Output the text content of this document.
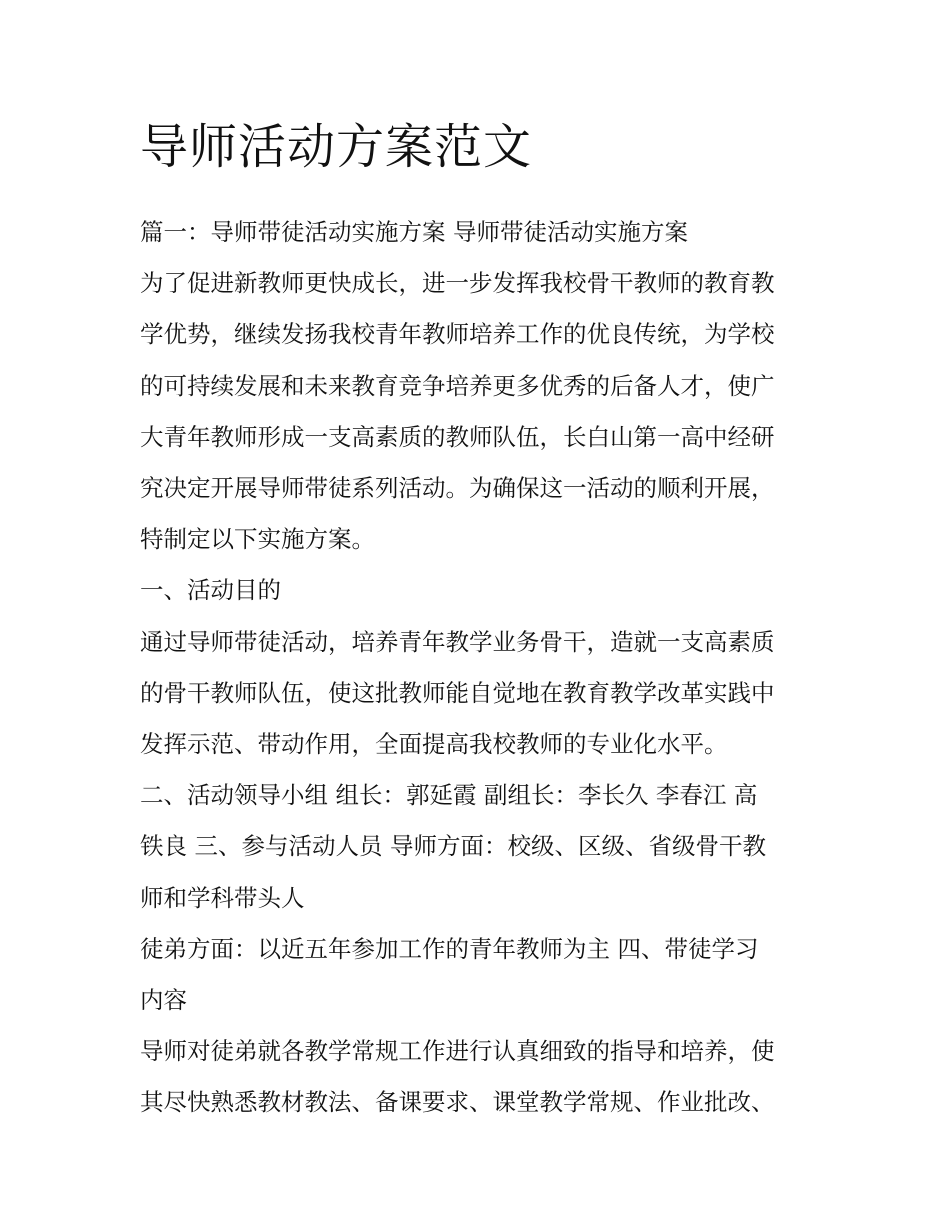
导师活动方案范文

篇一：导师带徒活动实施方案 导师带徒活动实施方案

为了促进新教师更快成长，进一步发挥我校骨干教师的教育教

学优势，继续发扬我校青年教师培养工作的优良传统，为学校

的可持续发展和未来教育竞争培养更多优秀的后备人才，使广

大青年教师形成一支高素质的教师队伍，长白山第一高中经研

究决定开展导师带徒系列活动。为确保这一活动的顺利开展，

特制定以下实施方案。

一、活动目的

通过导师带徒活动，培养青年教学业务骨干，造就一支高素质

的骨干教师队伍，使这批教师能自觉地在教育教学改革实践中

发挥示范、带动作用，全面提高我校教师的专业化水平。

二、活动领导小组 组长：郭延霞 副组长：李长久 李春江 高

铁良 三、参与活动人员 导师方面：校级、区级、省级骨干教

师和学科带头人

徒弟方面：以近五年参加工作的青年教师为主 四、带徒学习

内容

导师对徒弟就各教学常规工作进行认真细致的指导和培养，使

其尽快熟悉教材教法、备课要求、课堂教学常规、作业批改、
